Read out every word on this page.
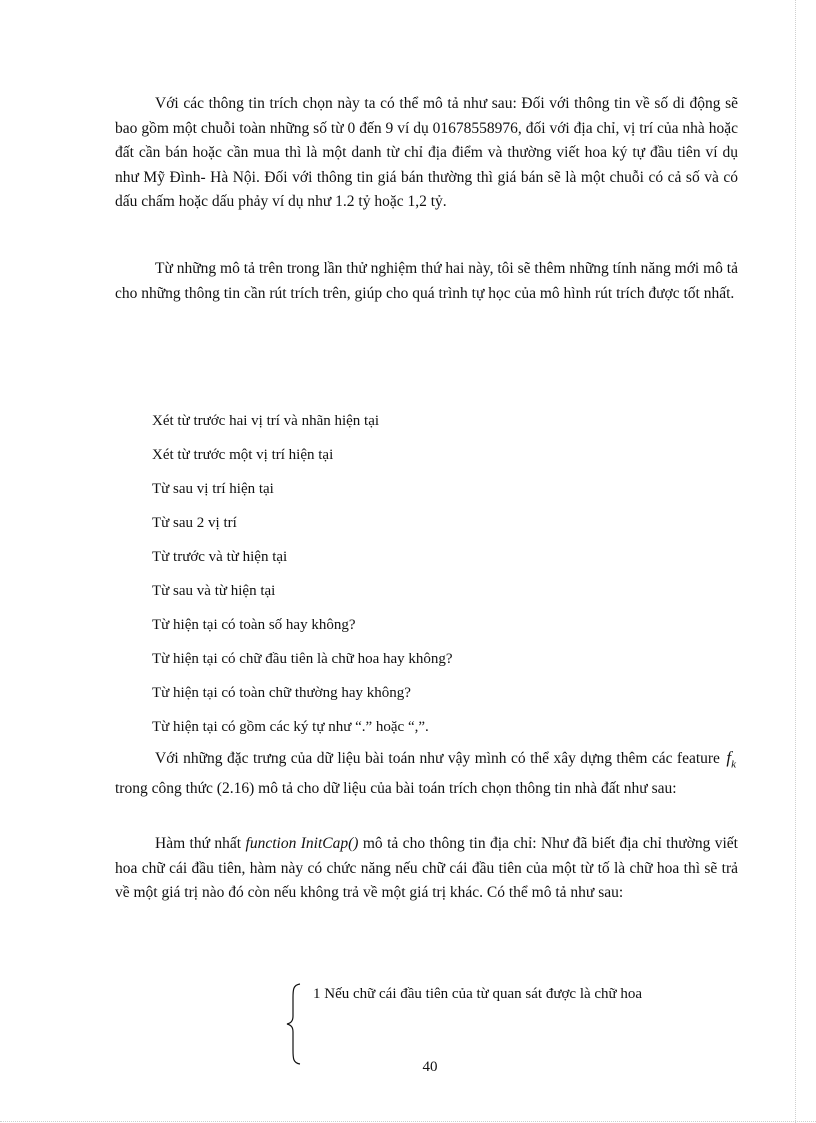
Với các thông tin trích chọn này ta có thể mô tả như sau: Đối với thông tin về số di động sẽ bao gồm một chuỗi toàn những số từ 0 đến 9 ví dụ 01678558976, đối với địa chỉ, vị trí của nhà hoặc đất cần bán hoặc cần mua thì là một danh từ chỉ địa điểm và thường viết hoa ký tự đầu tiên ví dụ như Mỹ Đình- Hà Nội. Đối với thông tin giá bán thường thì giá bán sẽ là một chuỗi có cả số và có dấu chấm hoặc dấu phảy ví dụ như 1.2 tỷ hoặc 1,2 tỷ.

Từ những mô tả trên trong lần thử nghiệm thứ hai này, tôi sẽ thêm những tính năng mới mô tả cho những thông tin cần rút trích trên, giúp cho quá trình tự học của mô hình rút trích được tốt nhất.

Xét từ trước hai vị trí và nhãn hiện tại
Xét từ trước một vị trí hiện tại
Từ sau vị trí hiện tại
Từ sau 2 vị trí
Từ trước và từ hiện tại
Từ sau và từ hiện tại
Từ hiện tại có toàn số hay không?
Từ hiện tại có chữ đầu tiên là chữ hoa hay không?
Từ hiện tại có toàn chữ thường hay không?
Từ hiện tại có gồm các ký tự như “.” hoặc “,”.

Với những đặc trưng của dữ liệu bài toán như vậy mình có thể xây dựng thêm các feature $f_k$ trong công thức (2.16) mô tả cho dữ liệu của bài toán trích chọn thông tin nhà đất như sau:

Hàm thứ nhất function InitCap() mô tả cho thông tin địa chỉ: Như đã biết địa chỉ thường viết hoa chữ cái đầu tiên, hàm này có chức năng nếu chữ cái đầu tiên của một từ tố là chữ hoa thì sẽ trả về một giá trị nào đó còn nếu không trả về một giá trị khác. Có thể mô tả như sau:

1 Nếu chữ cái đầu tiên của từ quan sát được là chữ hoa
40
